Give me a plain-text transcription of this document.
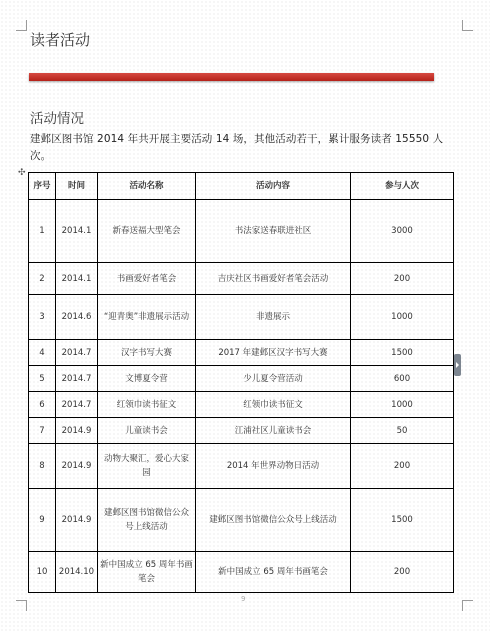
读者活动
活动情况
建邺区图书馆 2014 年共开展主要活动 14 场，其他活动若干，累计服务读者 15550 人次。
✣
序号	时间	活动名称	活动内容	参与人次
1	2014.1	新春送福大型笔会	书法家送春联进社区	3000
2	2014.1	书画爱好者笔会	吉庆社区书画爱好者笔会活动	200
3	2014.6	“迎青奥”非遗展示活动	非遗展示	1000
4	2014.7	汉字书写大赛	2017 年建邺区汉字书写大赛	1500
5	2014.7	文博夏令营	少儿夏令营活动	600
6	2014.7	红领巾读书征文	红领巾读书征文	1000
7	2014.9	儿童读书会	江浦社区儿童读书会	50
8	2014.9	动物大聚汇，爱心大家园	2014 年世界动物日活动	200
9	2014.9	建邺区图书馆微信公众号上线活动	建邺区图书馆微信公众号上线活动	1500
10	2014.10	新中国成立 65 周年书画笔会	新中国成立 65 周年书画笔会	200
9
